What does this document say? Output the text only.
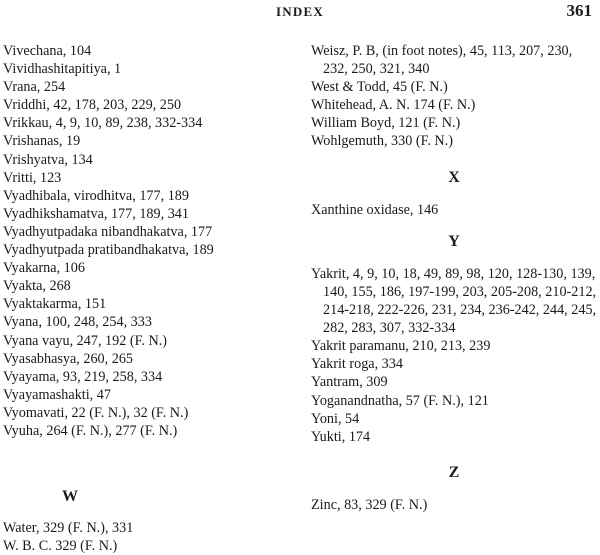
INDEX	361
Vivechana, 104
Vividhashitapitiya, 1
Vrana, 254
Vriddhi, 42, 178, 203, 229, 250
Vrikkau, 4, 9, 10, 89, 238, 332-334
Vrishanas, 19
Vrishyatva, 134
Vritti, 123
Vyadhibala, virodhitva, 177, 189
Vyadhikshamatva, 177, 189, 341
Vyadhyutpadaka nibandhakatva, 177
Vyadhyutpada pratibandhakatva, 189
Vyakarna, 106
Vyakta, 268
Vyaktakarma, 151
Vyana, 100, 248, 254, 333
Vyana vayu, 247, 192 (F. N.)
Vyasabhasya, 260, 265
Vyayama, 93, 219, 258, 334
Vyayamashakti, 47
Vyomavati, 22 (F. N.), 32 (F. N.)
Vyuha, 264 (F. N.), 277 (F. N.)
W
Water, 329 (F. N.), 331
W. B. C. 329 (F. N.)
Weisz, P. B, (in foot notes), 45, 113, 207, 230, 232, 250, 321, 340
West & Todd, 45 (F. N.)
Whitehead, A. N. 174 (F. N.)
William Boyd, 121 (F. N.)
Wohlgemuth, 330 (F. N.)
X
Xanthine oxidase, 146
Y
Yakrit, 4, 9, 10, 18, 49, 89, 98, 120, 128-130, 139, 140, 155, 186, 197-199, 203, 205-208, 210-212, 214-218, 222-226, 231, 234, 236-242, 244, 245, 282, 283, 307, 332-334
Yakrit paramanu, 210, 213, 239
Yakrit roga, 334
Yantram, 309
Yoganandnatha, 57 (F. N.), 121
Yoni, 54
Yukti, 174
Z
Zinc, 83, 329 (F. N.)
